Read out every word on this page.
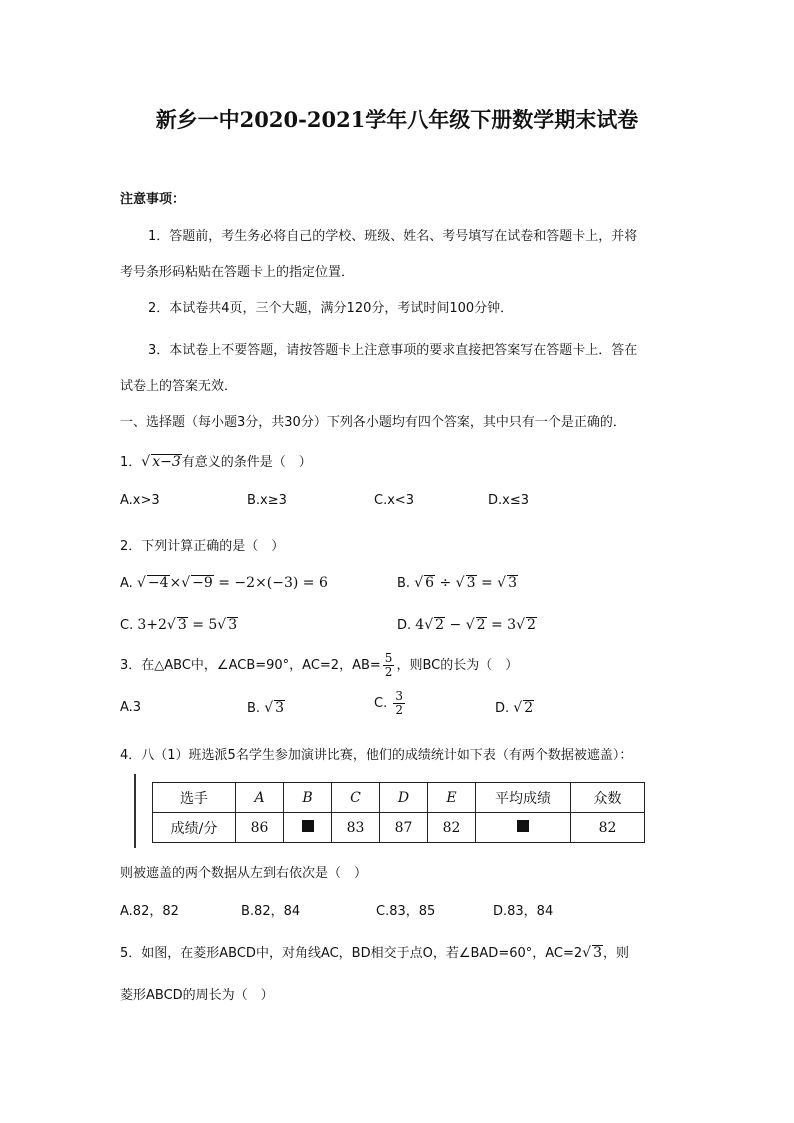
新乡一中2020-2021学年八年级下册数学期末试卷
注意事项：
1．答题前，考生务必将自己的学校、班级、姓名、考号填写在试卷和答题卡上，并将
考号条形码粘贴在答题卡上的指定位置．
2．本试卷共4页，三个大题，满分120分，考试时间100分钟．
3．本试卷上不要答题，请按答题卡上注意事项的要求直接把答案写在答题卡上．答在
试卷上的答案无效．
一、选择题（每小题3分，共30分）下列各小题均有四个答案，其中只有一个是正确的．
1．√ x−3有意义的条件是（　）
A.x>3	B.x≥3	C.x<3	D.x≤3
2．下列计算正确的是（　）
A. √ −4×√ −9 = −2×(−3) = 6	B. √ 6 ÷ √ 3 = √ 3
C. 3+2√ 3 = 5√ 3	D. 4√ 2 − √ 2 = 3√ 2
3．在△ABC中，∠ACB=90°，AC=2，$AB= \frac{5}{2}$ ，则BC的长为（　）
A.3	B. √ 3	C. $\frac{3}{2}$	D. √ 2
4．八（1）班选派5名学生参加演讲比赛，他们的成绩统计如下表（有两个数据被遮盖）：
选手	A	B	C	D	E	平均成绩	众数
成绩/分	86		83	87	82		82
则被遮盖的两个数据从左到右依次是（　）
A.82，82	B.82，84	C.83，85	D.83，84
5．如图，在菱形ABCD中，对角线AC，BD相交于点O，若∠BAD=60°，AC=2√ 3，则
菱形ABCD的周长为（　）
